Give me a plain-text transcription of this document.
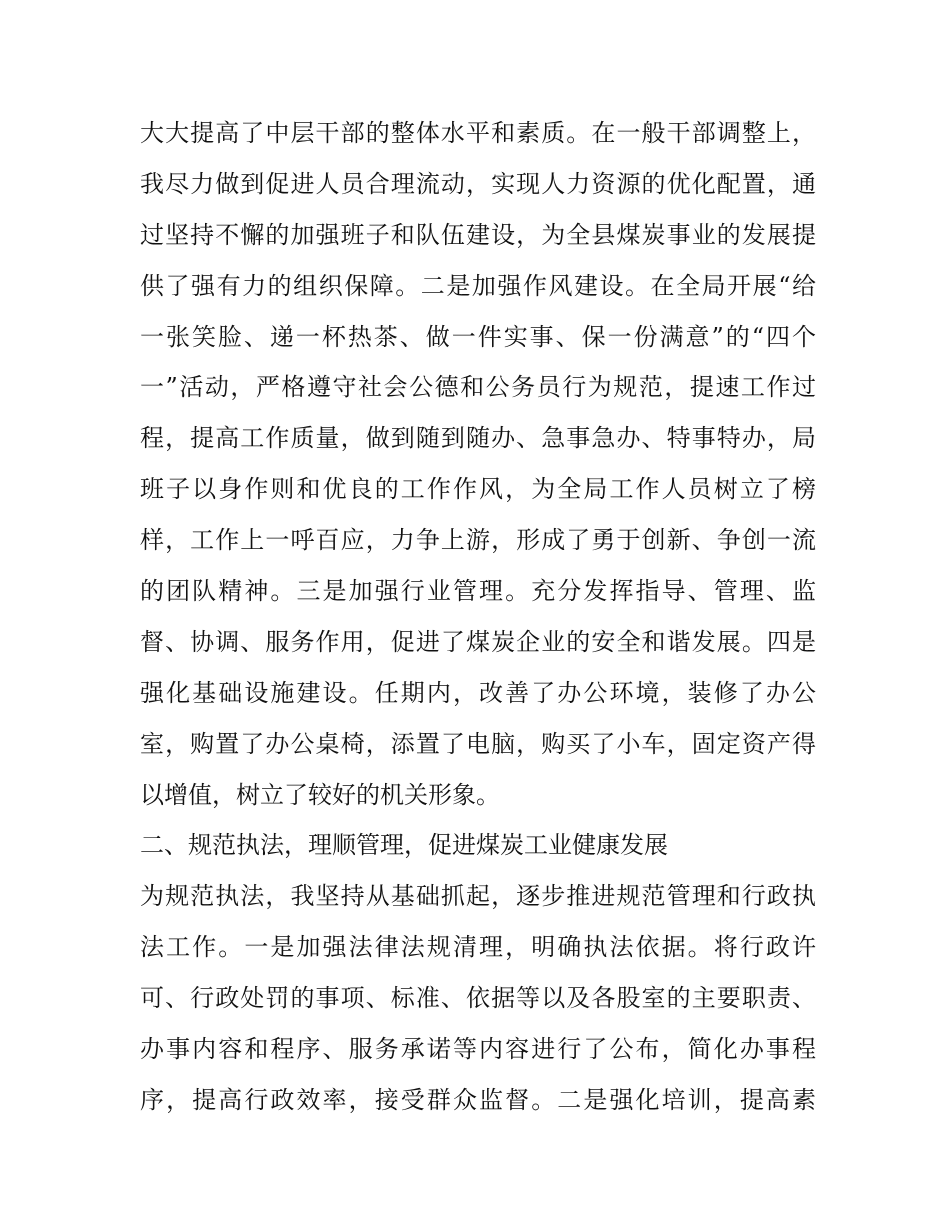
大大提高了中层干部的整体水平和素质。在一般干部调整上，
我尽力做到促进人员合理流动，实现人力资源的优化配置，通
过坚持不懈的加强班子和队伍建设，为全县煤炭事业的发展提
供了强有力的组织保障。二是加强作风建设。在全局开展“给
一张笑脸、递一杯热茶、做一件实事、保一份满意”的“四个
一”活动，严格遵守社会公德和公务员行为规范，提速工作过
程，提高工作质量，做到随到随办、急事急办、特事特办，局
班子以身作则和优良的工作作风，为全局工作人员树立了榜
样，工作上一呼百应，力争上游，形成了勇于创新、争创一流
的团队精神。三是加强行业管理。充分发挥指导、管理、监
督、协调、服务作用，促进了煤炭企业的安全和谐发展。四是
强化基础设施建设。任期内，改善了办公环境，装修了办公
室，购置了办公桌椅，添置了电脑，购买了小车，固定资产得
以增值，树立了较好的机关形象。
二、规范执法，理顺管理，促进煤炭工业健康发展
为规范执法，我坚持从基础抓起，逐步推进规范管理和行政执
法工作。一是加强法律法规清理，明确执法依据。将行政许
可、行政处罚的事项、标准、依据等以及各股室的主要职责、
办事内容和程序、服务承诺等内容进行了公布，简化办事程
序，提高行政效率，接受群众监督。二是强化培训，提高素
